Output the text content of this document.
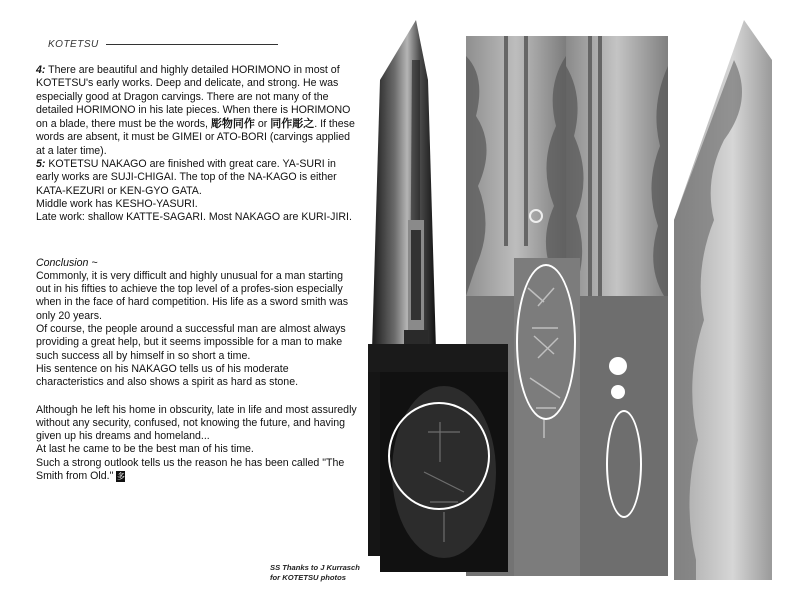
KOTETSU

4: There are beautiful and highly detailed HORIMONO in most of KOTETSU's early works. Deep and delicate, and strong. He was especially good at Dragon carvings. There are not many of the detailed HORIMONO in his late pieces. When there is HORIMONO on a blade, there must be the words, 彫物同作 or 同作彫之. If these words are absent, it must be GIMEI or ATO-BORI (carvings applied at a later time).

5: KOTETSU NAKAGO are finished with great care. YA-SURI in early works are SUJI-CHIGAI. The top of the NA-KAGO is either KATA-KEZURI or KEN-GYO GATA.

Middle work has KESHO-YASURI.

Late work: shallow KATTE-SAGARI. Most NAKAGO are KURI-JIRI.

Conclusion ~

Commonly, it is very difficult and highly unusual for a man starting out in his fifties to achieve the top level of a profes-sion especially when in the face of hard competition. His life as a sword smith was only 20 years.

Of course, the people around a successful man are almost always providing a great help, but it seems impossible for a man to make such success all by himself in so short a time.

His sentence on his NAKAGO tells us of his moderate characteristics and also shows a spirit as hard as stone.

Although he left his home in obscurity, late in life and most assuredly without any security, confused, not knowing the future, and having given up his dreams and homeland...

At last he came to be the best man of his time.

Such a strong outlook tells us the reason he has been called "The Smith from Old." 多

SS Thanks to J Kurrasch
for KOTETSU photos
